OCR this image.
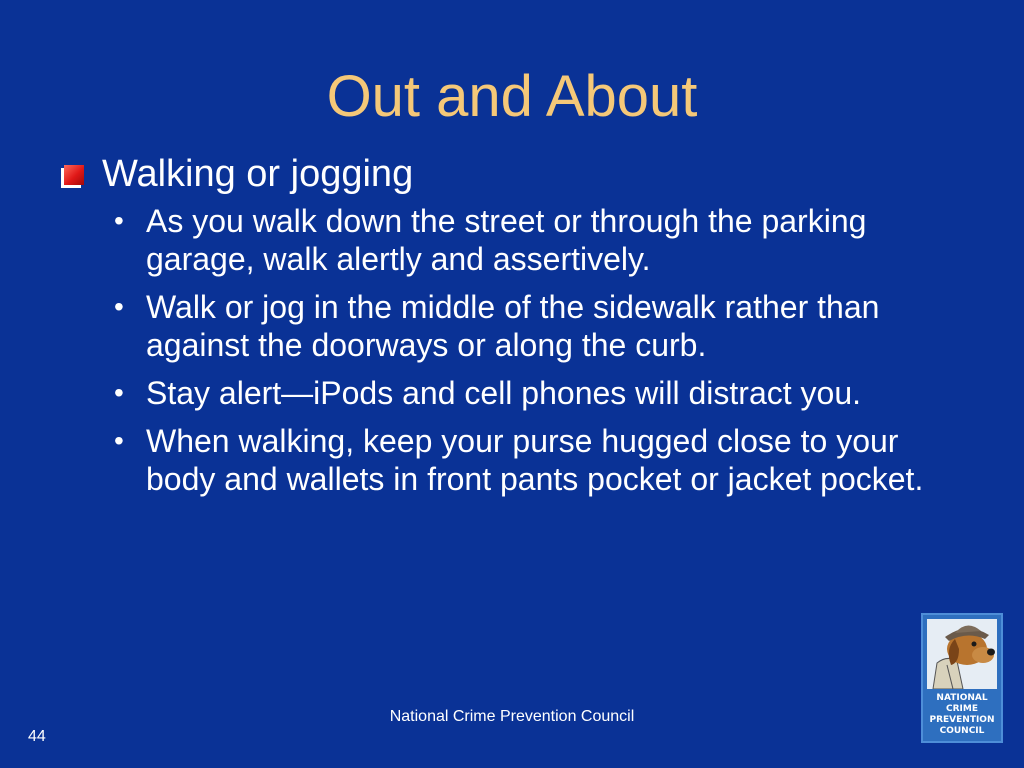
Out and About
Walking or jogging
• As you walk down the street or through the parking garage, walk alertly and assertively.
• Walk or jog in the middle of the sidewalk rather than against the doorways or along the curb.
• Stay alert—iPods and cell phones will distract you.
• When walking, keep your purse hugged close to your body and wallets in front pants pocket or jacket pocket.
National Crime Prevention Council
44
NATIONAL
CRIME
PREVENTION
COUNCIL
